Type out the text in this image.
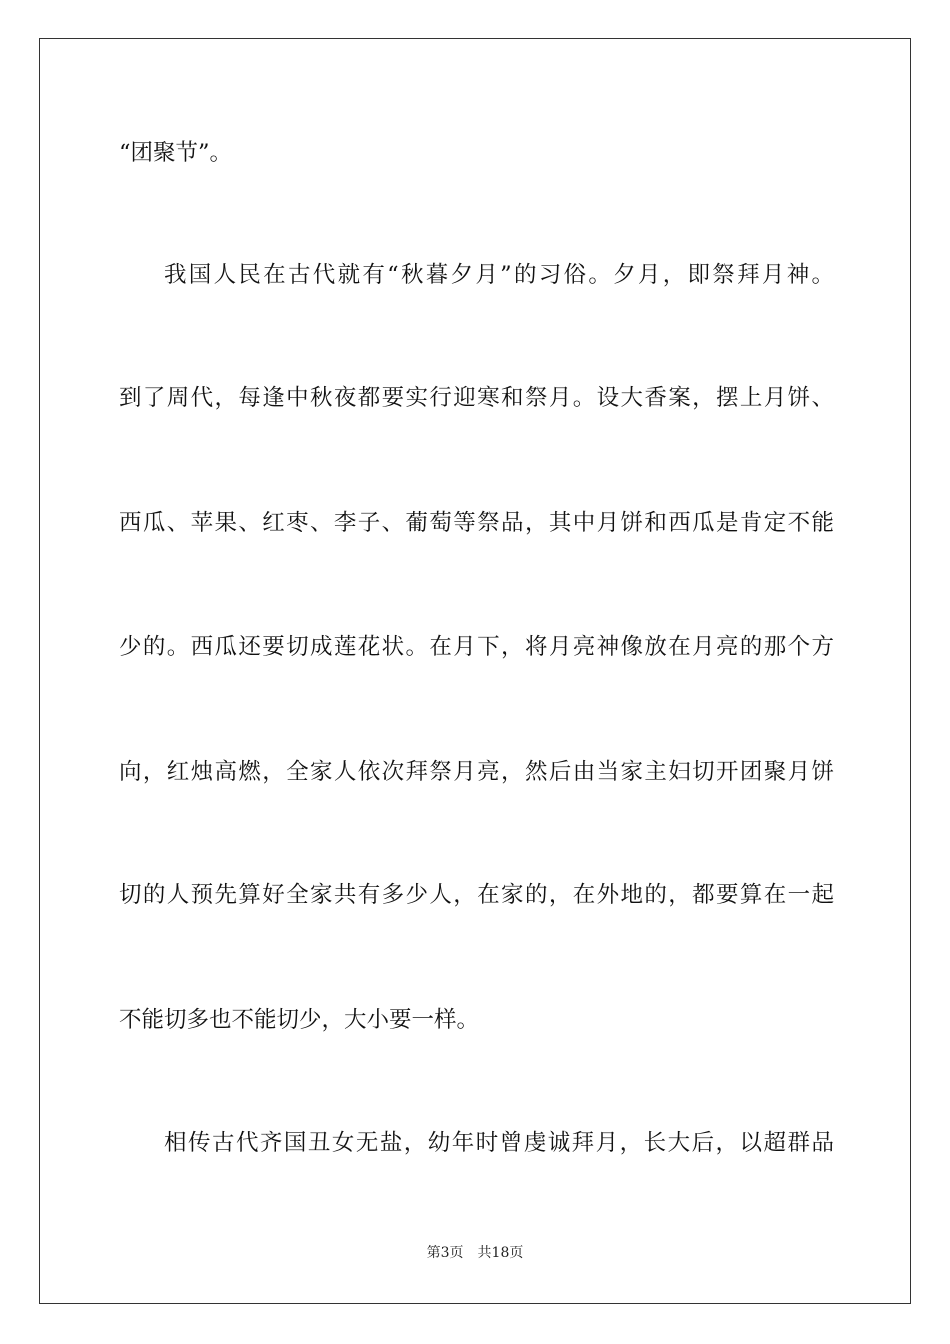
“团聚节”。
我国人民在古代就有“秋暮夕月”的习俗。夕月，即祭拜月神。
到了周代，每逢中秋夜都要实行迎寒和祭月。设大香案，摆上月饼、
西瓜、苹果、红枣、李子、葡萄等祭品，其中月饼和西瓜是肯定不能
少的。西瓜还要切成莲花状。在月下，将月亮神像放在月亮的那个方
向，红烛高燃，全家人依次拜祭月亮，然后由当家主妇切开团聚月饼
切的人预先算好全家共有多少人，在家的，在外地的，都要算在一起
不能切多也不能切少，大小要一样。
相传古代齐国丑女无盐，幼年时曾虔诚拜月，长大后，以超群品
第3页 共18页
